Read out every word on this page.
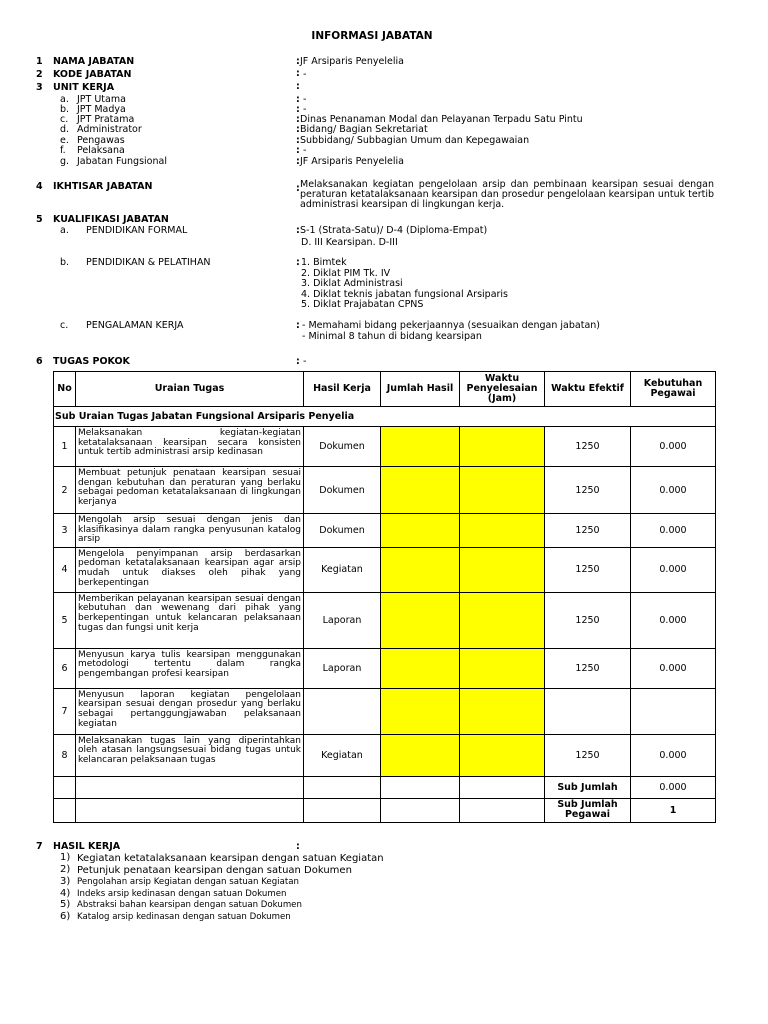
INFORMASI JABATAN
1 NAMA JABATAN	: JF Arsiparis Penyelelia
2 KODE JABATAN	: -
3 UNIT KERJA	:
a. JPT Utama	: -
b. JPT Madya	: -
c. JPT Pratama	: Dinas Penanaman Modal dan Pelayanan Terpadu Satu Pintu
d. Administrator	: Bidang/ Bagian Sekretariat
e. Pengawas	: Subbidang/ Subbagian Umum dan Kepegawaian
f. Pelaksana	: -
g. Jabatan Fungsional	: JF Arsiparis Penyelelia
4 IKHTISAR JABATAN	: Melaksanakan kegiatan pengelolaan arsip dan pembinaan kearsipan sesuai dengan peraturan ketatalaksanaan kearsipan dan prosedur pengelolaan kearsipan untuk tertib administrasi kearsipan di lingkungan kerja.
5 KUALIFIKASI JABATAN
a. PENDIDIKAN FORMAL	: S-1 (Strata-Satu)/ D-4 (Diploma-Empat)
D. III Kearsipan. D-III
b. PENDIDIKAN & PELATIHAN	: 1. Bimtek
2. Diklat PIM Tk. IV
3. Diklat Administrasi
4. Diklat teknis jabatan fungsional Arsiparis
5. Diklat Prajabatan CPNS
c. PENGALAMAN KERJA	: - Memahami bidang pekerjaannya (sesuaikan dengan jabatan)
- Minimal 8 tahun di bidang kearsipan
6 TUGAS POKOK	: -
No	Uraian Tugas	Hasil Kerja	Jumlah Hasil	Waktu Penyelesaian (Jam)	Waktu Efektif	Kebutuhan Pegawai	
Sub Uraian Tugas Jabatan Fungsional Arsiparis Penyelia							
1	Melaksanakan kegiatan-kegiatan ketatalaksanaan kearsipan secara konsisten untuk tertib administrasi arsip kedinasan	Dokumen			1250	0.000	
2	Membuat petunjuk penataan kearsipan sesuai dengan kebutuhan dan peraturan yang berlaku sebagai pedoman ketatalaksanaan di lingkungan kerjanya	Dokumen			1250	0.000	
3	Mengolah arsip sesuai dengan jenis dan klasifikasinya dalam rangka penyusunan katalog arsip	Dokumen			1250	0.000	
4	Mengelola penyimpanan arsip berdasarkan pedoman ketatalaksanaan kearsipan agar arsip mudah untuk diakses oleh pihak yang berkepentingan	Kegiatan			1250	0.000	
5	Memberikan pelayanan kearsipan sesuai dengan kebutuhan dan wewenang dari pihak yang berkepentingan untuk kelancaran pelaksanaan tugas dan fungsi unit kerja	Laporan			1250	0.000	
6	Menyusun karya tulis kearsipan menggunakan metodologi tertentu dalam rangka pengembangan profesi kearsipan	Laporan			1250	0.000	
7	Menyusun laporan kegiatan pengelolaan kearsipan sesuai dengan prosedur yang berlaku sebagai pertanggungjawaban pelaksanaan kegiatan						
8	Melaksanakan tugas lain yang diperintahkan oleh atasan langsungsesuai bidang tugas untuk kelancaran pelaksanaan tugas	Kegiatan			1250	0.000	
					Sub Jumlah	0.000	
					Sub Jumlah Pegawai	1	
7 HASIL KERJA	:
1) Kegiatan ketatalaksanaan kearsipan dengan satuan Kegiatan
2) Petunjuk penataan kearsipan dengan satuan Dokumen
3) Pengolahan arsip Kegiatan dengan satuan Kegiatan
4) Indeks arsip kedinasan dengan satuan Dokumen
5) Abstraksi bahan kearsipan dengan satuan Dokumen
6) Katalog arsip kedinasan dengan satuan Dokumen
